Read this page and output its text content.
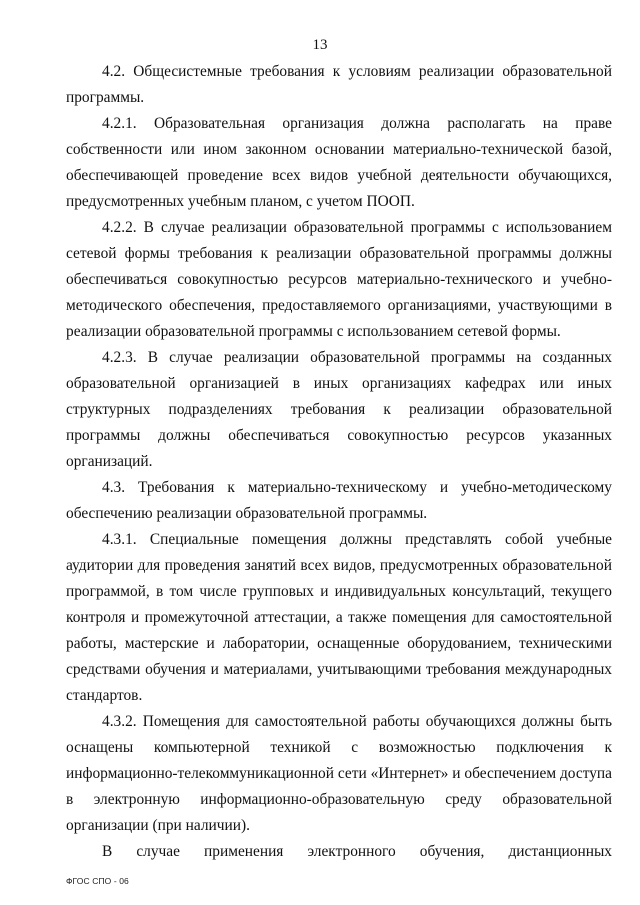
13

4.2. Общесистемные требования к условиям реализации образовательной программы.

4.2.1. Образовательная организация должна располагать на праве собственности или ином законном основании материально-технической базой, обеспечивающей проведение всех видов учебной деятельности обучающихся, предусмотренных учебным планом, с учетом ПООП.

4.2.2. В случае реализации образовательной программы с использованием сетевой формы требования к реализации образовательной программы должны обеспечиваться совокупностью ресурсов материально-технического и учебно-методического обеспечения, предоставляемого организациями, участвующими в реализации образовательной программы с использованием сетевой формы.

4.2.3. В случае реализации образовательной программы на созданных образовательной организацией в иных организациях кафедрах или иных структурных подразделениях требования к реализации образовательной программы должны обеспечиваться совокупностью ресурсов указанных организаций.

4.3. Требования к материально-техническому и учебно-методическому обеспечению реализации образовательной программы.

4.3.1. Специальные помещения должны представлять собой учебные аудитории для проведения занятий всех видов, предусмотренных образовательной программой, в том числе групповых и индивидуальных консультаций, текущего контроля и промежуточной аттестации, а также помещения для самостоятельной работы, мастерские и лаборатории, оснащенные оборудованием, техническими средствами обучения и материалами, учитывающими требования международных стандартов.

4.3.2. Помещения для самостоятельной работы обучающихся должны быть оснащены компьютерной техникой с возможностью подключения к информационно-телекоммуникационной сети «Интернет» и обеспечением доступа в электронную информационно-образовательную среду образовательной организации (при наличии).

В случае применения электронного обучения, дистанционных

ФГОС СПО - 06
